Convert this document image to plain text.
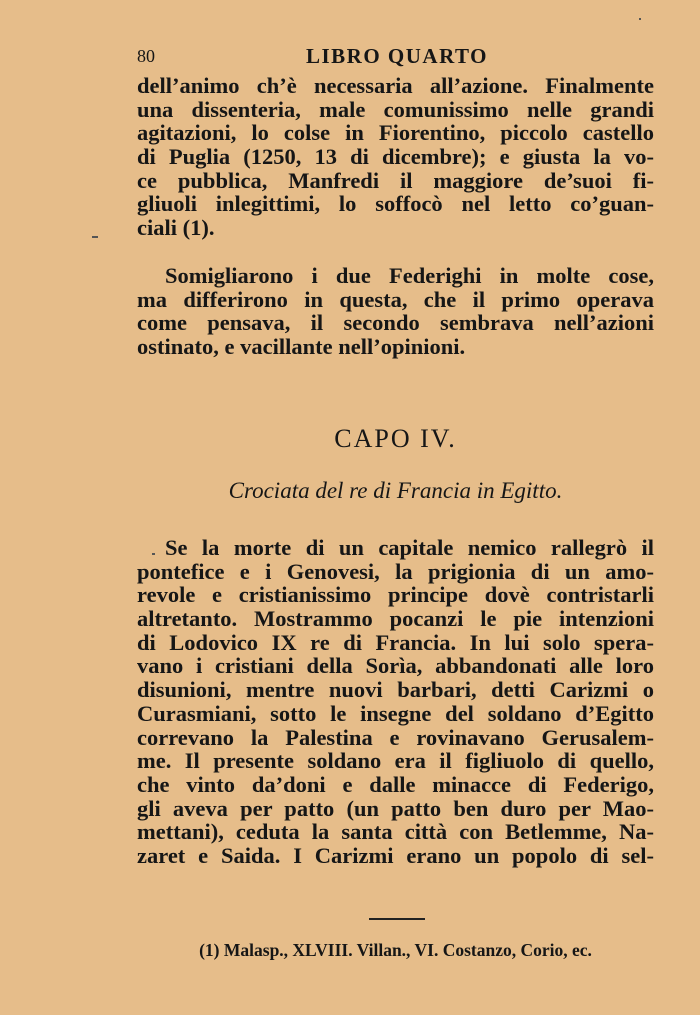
80	LIBRO QUARTO
dell’animo ch’è necessaria all’azione. Finalmente
una dissenteria, male comunissimo nelle grandi
agitazioni, lo colse in Fiorentino, piccolo castello
di Puglia (1250, 13 di dicembre); e giusta la vo-
ce pubblica, Manfredi il maggiore de’suoi fi-
gliuoli inlegittimi, lo soffocò nel letto co’guan-
ciali (1).
Somigliarono i due Federighi in molte cose,
ma differirono in questa, che il primo operava
come pensava, il secondo sembrava nell’azioni
ostinato, e vacillante nell’opinioni.
CAPO IV.
Crociata del re di Francia in Egitto.
Se la morte di un capitale nemico rallegrò il
pontefice e i Genovesi, la prigionia di un amo-
revole e cristianissimo principe dovè contristarli
altretanto. Mostrammo pocanzi le pie intenzioni
di Lodovico IX re di Francia. In lui solo spera-
vano i cristiani della Sorìa, abbandonati alle loro
disunioni, mentre nuovi barbari, detti Carizmi o
Curasmiani, sotto le insegne del soldano d’Egitto
correvano la Palestina e rovinavano Gerusalem-
me. Il presente soldano era il figliuolo di quello,
che vinto da’doni e dalle minacce di Federigo,
gli aveva per patto (un patto ben duro per Mao-
mettani), ceduta la santa città con Betlemme, Na-
zaret e Saida. I Carizmi erano un popolo di sel-
(1) Malasp., XLVIII. Villan., VI. Costanzo, Corio, ec.
